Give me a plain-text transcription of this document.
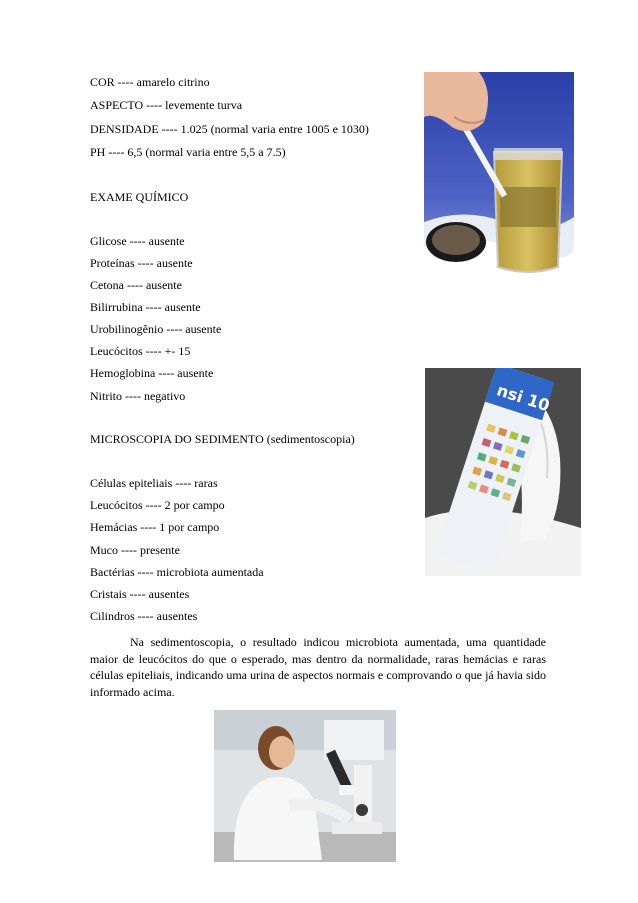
COR ---- amarelo citrino
ASPECTO ---- levemente turva
DENSIDADE ---- 1.025 (normal varia entre 1005 e 1030)
PH ---- 6,5 (normal varia entre 5,5 a 7.5)
EXAME QUÍMICO
Glicose ---- ausente
Proteínas ---- ausente
Cetona ---- ausente
Bilirrubina ---- ausente
Urobilinogênio ---- ausente
Leucócitos ---- +- 15
Hemoglobina ---- ausente
Nitrito ---- negativo
MICROSCOPIA DO SEDIMENTO (sedimentoscopia)
Células epiteliais ---- raras
Leucócitos ---- 2 por campo
Hemácias ---- 1 por campo
Muco ---- presente
Bactérias ---- microbiota aumentada
Cristais ---- ausentes
Cilindros ---- ausentes
Na sedimentoscopia, o resultado indicou microbiota aumentada, uma quantidade maior de leucócitos do que o esperado, mas dentro da normalidade, raras hemácias e raras células epiteliais, indicando uma urina de aspectos normais e comprovando o que já havia sido informado acima.
nsi 10
